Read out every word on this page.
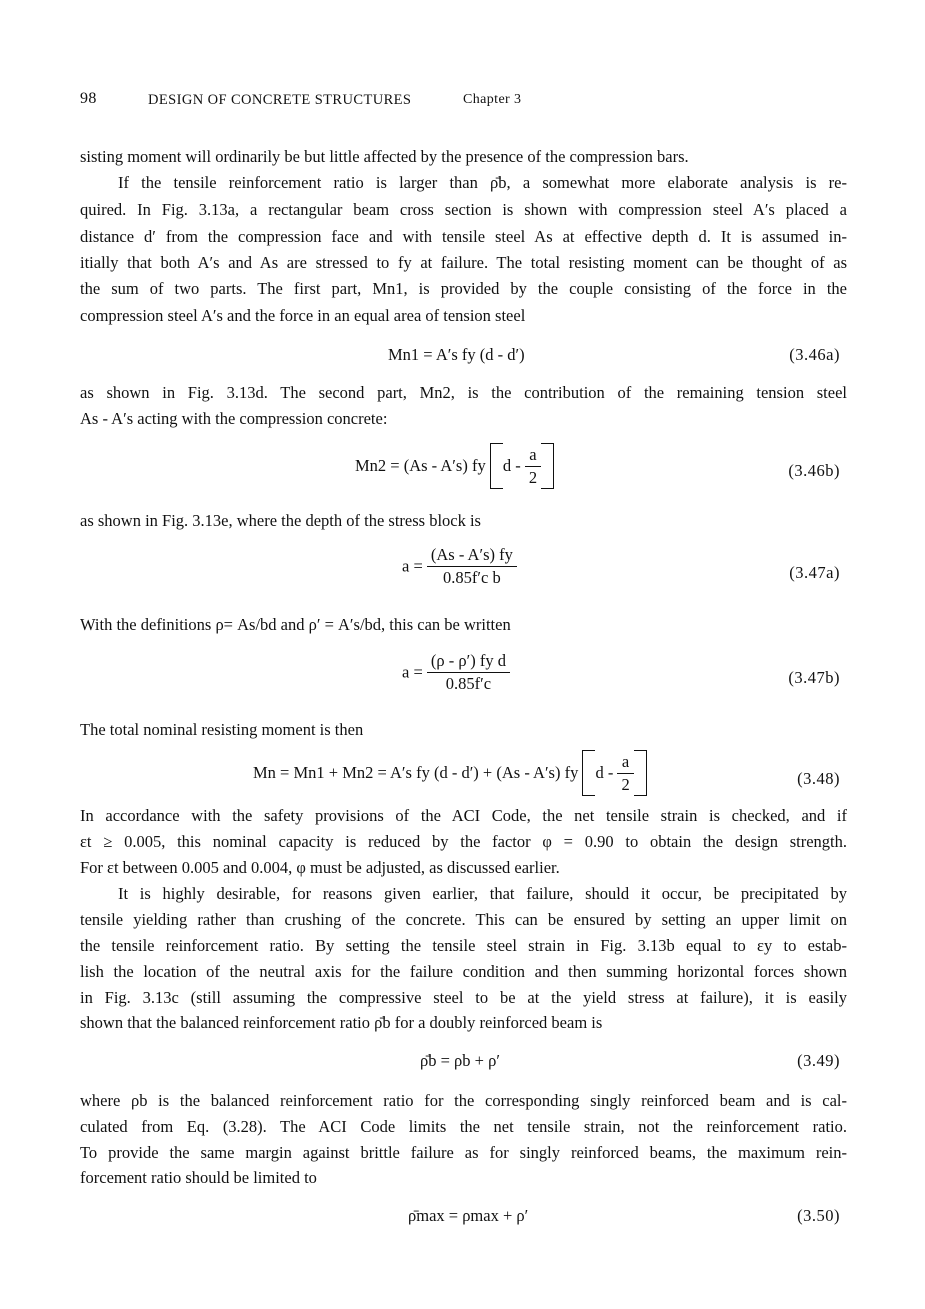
98	DESIGN OF CONCRETE STRUCTURES	Chapter 3
sisting moment will ordinarily be but little affected by the presence of the compression bars.
If the tensile reinforcement ratio is larger than ρ̄b, a somewhat more elaborate analysis is re-
quired. In Fig. 3.13a, a rectangular beam cross section is shown with compression steel A′s placed a
distance d′ from the compression face and with tensile steel As at effective depth d. It is assumed in-
itially that both A′s and As are stressed to fy at failure. The total resisting moment can be thought of as
the sum of two parts. The first part, Mn1, is provided by the couple consisting of the force in the
compression steel A′s and the force in an equal area of tension steel
Mn1 = A′s fy (d - d′)	(3.46a)
as shown in Fig. 3.13d. The second part, Mn2, is the contribution of the remaining tension steel
As - A′s acting with the compression concrete:
Mn2 = (As - A′s) fy d - $\frac{a}{2}$	(3.46b)
as shown in Fig. 3.13e, where the depth of the stress block is
$a = \frac{(As - A's) fy}{\text{0.85f′c b}}$	(3.47a)
With the definitions ρ= As/bd and ρ′ = A′s/bd, this can be written
$a = \frac{\text{(ρ - ρ′) fy d}}{0.85f'c}$	(3.47b)
The total nominal resisting moment is then
Mn = Mn1 + Mn2 = A′s fy (d - d′) + (As - A′s) fy d - $\frac{a}{2}$	(3.48)
In accordance with the safety provisions of the ACI Code, the net tensile strain is checked, and if
εt ≥ 0.005, this nominal capacity is reduced by the factor φ = 0.90 to obtain the design strength.
For εt between 0.005 and 0.004, φ must be adjusted, as discussed earlier.
It is highly desirable, for reasons given earlier, that failure, should it occur, be precipitated by
tensile yielding rather than crushing of the concrete. This can be ensured by setting an upper limit on
the tensile reinforcement ratio. By setting the tensile steel strain in Fig. 3.13b equal to εy to estab-
lish the location of the neutral axis for the failure condition and then summing horizontal forces shown
in Fig. 3.13c (still assuming the compressive steel to be at the yield stress at failure), it is easily
shown that the balanced reinforcement ratio ρ̄b for a doubly reinforced beam is
ρ̄b = ρb + ρ′	(3.49)
where ρb is the balanced reinforcement ratio for the corresponding singly reinforced beam and is cal-
culated from Eq. (3.28). The ACI Code limits the net tensile strain, not the reinforcement ratio.
To provide the same margin against brittle failure as for singly reinforced beams, the maximum rein-
forcement ratio should be limited to
ρ̄max = ρmax + ρ′	(3.50)
